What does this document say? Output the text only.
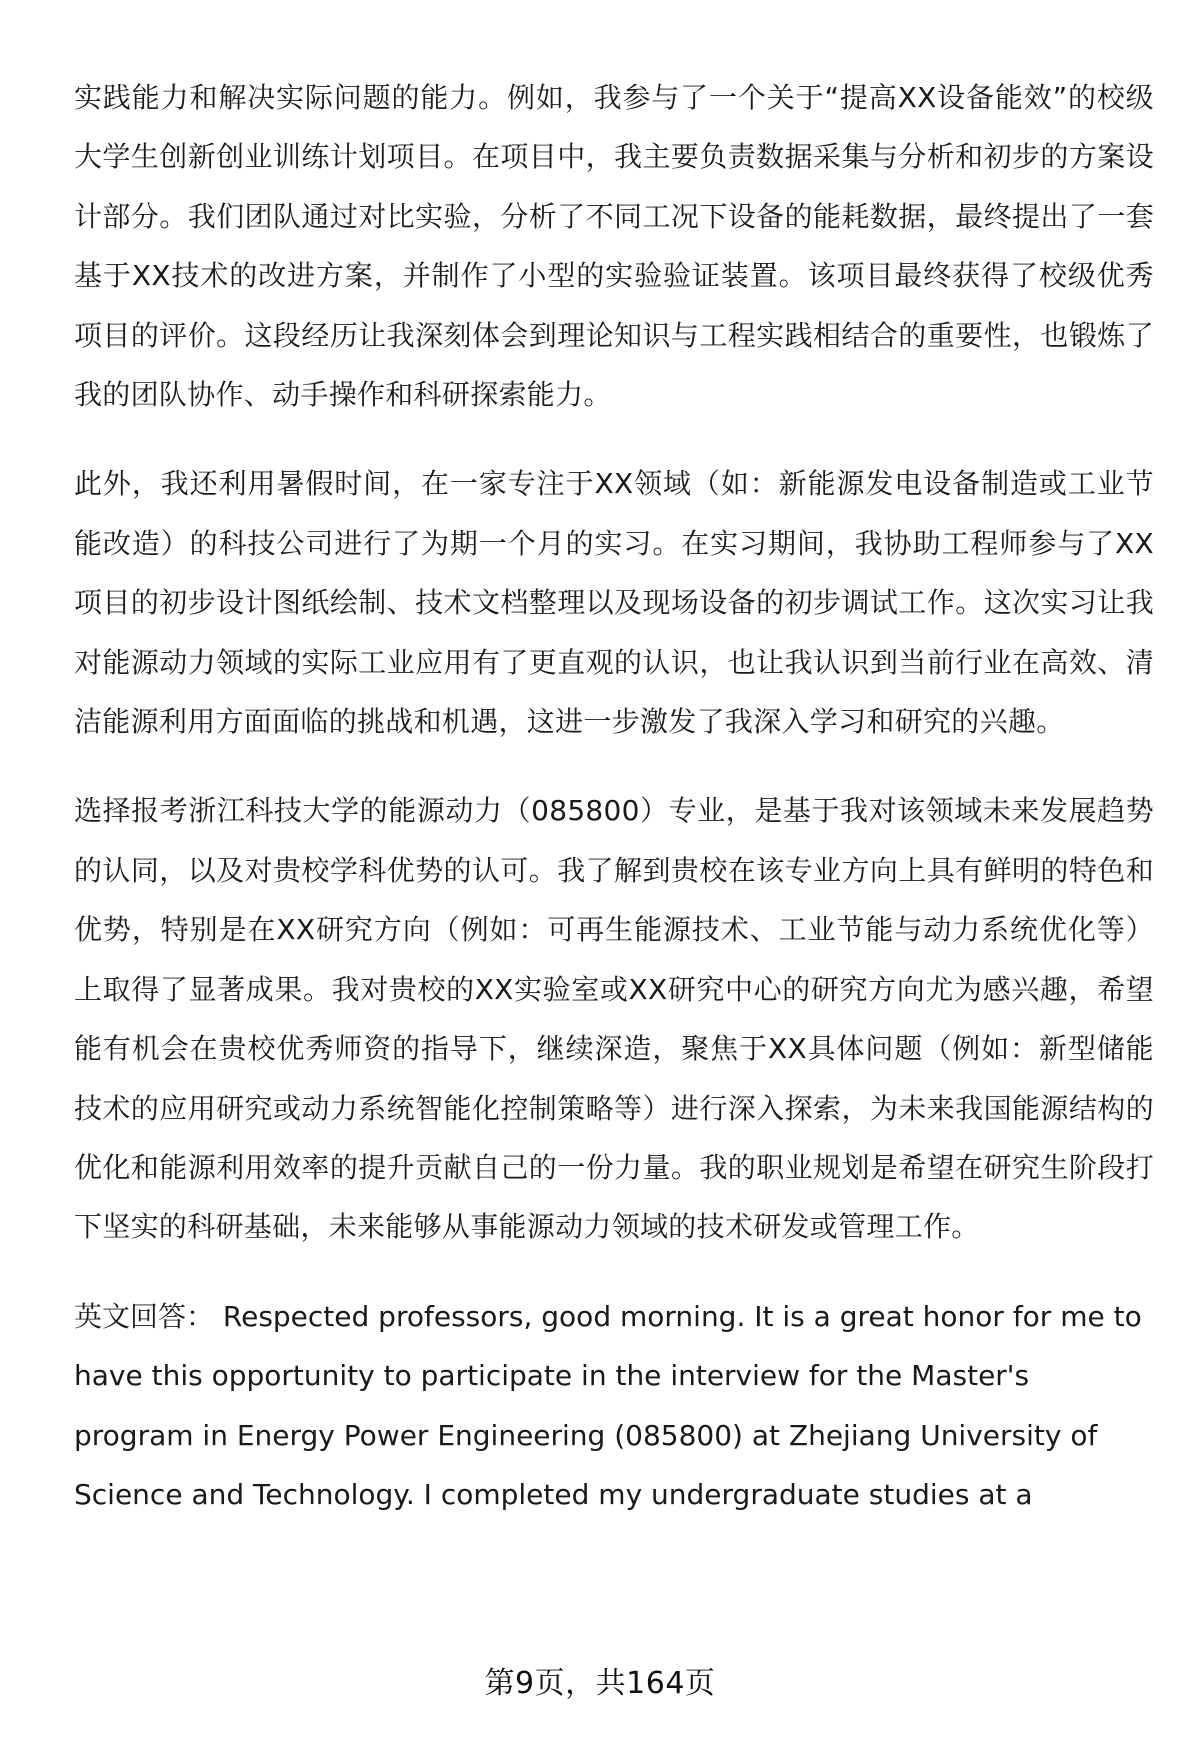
实践能力和解决实际问题的能力。例如，我参与了一个关于“提高XX设备能效”的校级大学生创新创业训练计划项目。在项目中，我主要负责数据采集与分析和初步的方案设计部分。我们团队通过对比实验，分析了不同工况下设备的能耗数据，最终提出了一套基于XX技术的改进方案，并制作了小型的实验验证装置。该项目最终获得了校级优秀项目的评价。这段经历让我深刻体会到理论知识与工程实践相结合的重要性，也锻炼了我的团队协作、动手操作和科研探索能力。

此外，我还利用暑假时间，在一家专注于XX领域（如：新能源发电设备制造或工业节能改造）的科技公司进行了为期一个月的实习。在实习期间，我协助工程师参与了XX项目的初步设计图纸绘制、技术文档整理以及现场设备的初步调试工作。这次实习让我对能源动力领域的实际工业应用有了更直观的认识，也让我认识到当前行业在高效、清洁能源利用方面面临的挑战和机遇，这进一步激发了我深入学习和研究的兴趣。

选择报考浙江科技大学的能源动力（085800）专业，是基于我对该领域未来发展趋势的认同，以及对贵校学科优势的认可。我了解到贵校在该专业方向上具有鲜明的特色和优势，特别是在XX研究方向（例如：可再生能源技术、工业节能与动力系统优化等）上取得了显著成果。我对贵校的XX实验室或XX研究中心的研究方向尤为感兴趣，希望能有机会在贵校优秀师资的指导下，继续深造，聚焦于XX具体问题（例如：新型储能技术的应用研究或动力系统智能化控制策略等）进行深入探索，为未来我国能源结构的优化和能源利用效率的提升贡献自己的一份力量。我的职业规划是希望在研究生阶段打下坚实的科研基础，未来能够从事能源动力领域的技术研发或管理工作。

英文回答： Respected professors, good morning. It is a great honor for me to have this opportunity to participate in the interview for the Master's program in Energy Power Engineering (085800) at Zhejiang University of Science and Technology. I completed my undergraduate studies at a

第9页，共164页
